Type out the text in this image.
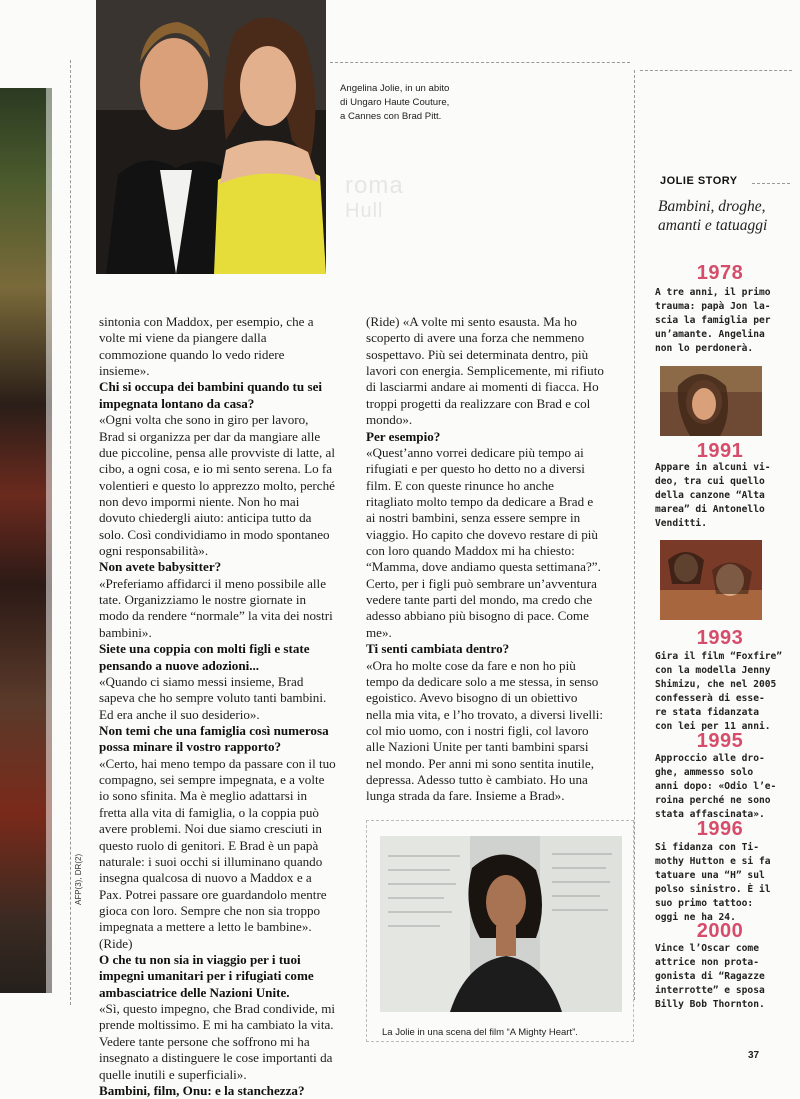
Angelina Jolie, in un abito
di Ungaro Haute Couture,
a Cannes con Brad Pitt.
roma
Hull

sintonia con Maddox, per esempio, che a volte mi viene da piangere dalla commozione quando lo vedo ridere insieme».

Chi si occupa dei bambini quando tu sei impegnata lontano da casa?

«Ogni volta che sono in giro per lavoro, Brad si organizza per dar da mangiare alle due piccoline, pensa alle provviste di latte, al cibo, a ogni cosa, e io mi sento serena. Lo fa volentieri e questo lo apprezzo molto, perché non devo impormi niente. Non ho mai dovuto chiedergli aiuto: anticipa tutto da solo. Così condividiamo in modo spontaneo ogni responsabilità».

Non avete babysitter?

«Preferiamo affidarci il meno possibile alle tate. Organizziamo le nostre giornate in modo da rendere “normale” la vita dei nostri bambini».

Siete una coppia con molti figli e state pensando a nuove adozioni...

«Quando ci siamo messi insieme, Brad sapeva che ho sempre voluto tanti bambini. Ed era anche il suo desiderio».

Non temi che una famiglia così numerosa possa minare il vostro rapporto?

«Certo, hai meno tempo da passare con il tuo compagno, sei sempre impegnata, e a volte io sono sfinita. Ma è meglio adattarsi in fretta alla vita di famiglia, o la coppia può avere problemi. Noi due siamo cresciuti in questo ruolo di genitori. E Brad è un papà naturale: i suoi occhi si illuminano quando insegna qualcosa di nuovo a Maddox e a Pax. Potrei passare ore guardandolo mentre gioca con loro. Sempre che non sia troppo impegnata a mettere a letto le bambine». (Ride)

O che tu non sia in viaggio per i tuoi impegni umanitari per i rifugiati come ambasciatrice delle Nazioni Unite.

«Sì, questo impegno, che Brad condivide, mi prende moltissimo. E mi ha cambiato la vita. Vedere tante persone che soffrono mi ha insegnato a distinguere le cose importanti da quelle inutili e superficiali».

Bambini, film, Onu: e la stanchezza?

(Ride) «A volte mi sento esausta. Ma ho scoperto di avere una forza che nemmeno sospettavo. Più sei determinata dentro, più lavori con energia. Semplicemente, mi rifiuto di lasciarmi andare ai momenti di fiacca. Ho troppi progetti da realizzare con Brad e col mondo».

Per esempio?

«Quest’anno vorrei dedicare più tempo ai rifugiati e per questo ho detto no a diversi film. E con queste rinunce ho anche ritagliato molto tempo da dedicare a Brad e ai nostri bambini, senza essere sempre in viaggio. Ho capito che dovevo restare di più con loro quando Maddox mi ha chiesto: “Mamma, dove andiamo questa settimana?”. Certo, per i figli può sembrare un’avventura vedere tante parti del mondo, ma credo che adesso abbiano più bisogno di pace. Come me».

Ti senti cambiata dentro?

«Ora ho molte cose da fare e non ho più tempo da dedicare solo a me stessa, in senso egoistico. Avevo bisogno di un obiettivo nella mia vita, e l’ho trovato, a diversi livelli: col mio uomo, con i nostri figli, col lavoro alle Nazioni Unite per tanti bambini sparsi nel mondo. Per anni mi sono sentita inutile, depressa. Adesso tutto è cambiato. Ho una lunga strada da fare. Insieme a Brad».

JOLIE STORY
Bambini, droghe, amanti e tatuaggi
1978
A tre anni, il primo
trauma: papà Jon la-
scia la famiglia per
un’amante. Angelina
non lo perdonerà.
1991
Appare in alcuni vi-
deo, tra cui quello
della canzone “Alta
marea” di Antonello
Venditti.
1993
Gira il film “Foxfire”
con la modella Jenny
Shimizu, che nel 2005
confesserà di esse-
re stata fidanzata
con lei per 11 anni.
1995
Approccio alle dro-
ghe, ammesso solo
anni dopo: «Odio l’e-
roina perché ne sono
stata affascinata».
1996
Si fidanza con Ti-
mothy Hutton e si fa
tatuare una “H” sul
polso sinistro. È il
suo primo tattoo:
oggi ne ha 24.
2000
Vince l’Oscar come
attrice non prota-
gonista di “Ragazze
interrotte” e sposa
Billy Bob Thornton.
La Jolie in una scena del film “A Mighty Heart”.
AFP(3), DR(2)
37
